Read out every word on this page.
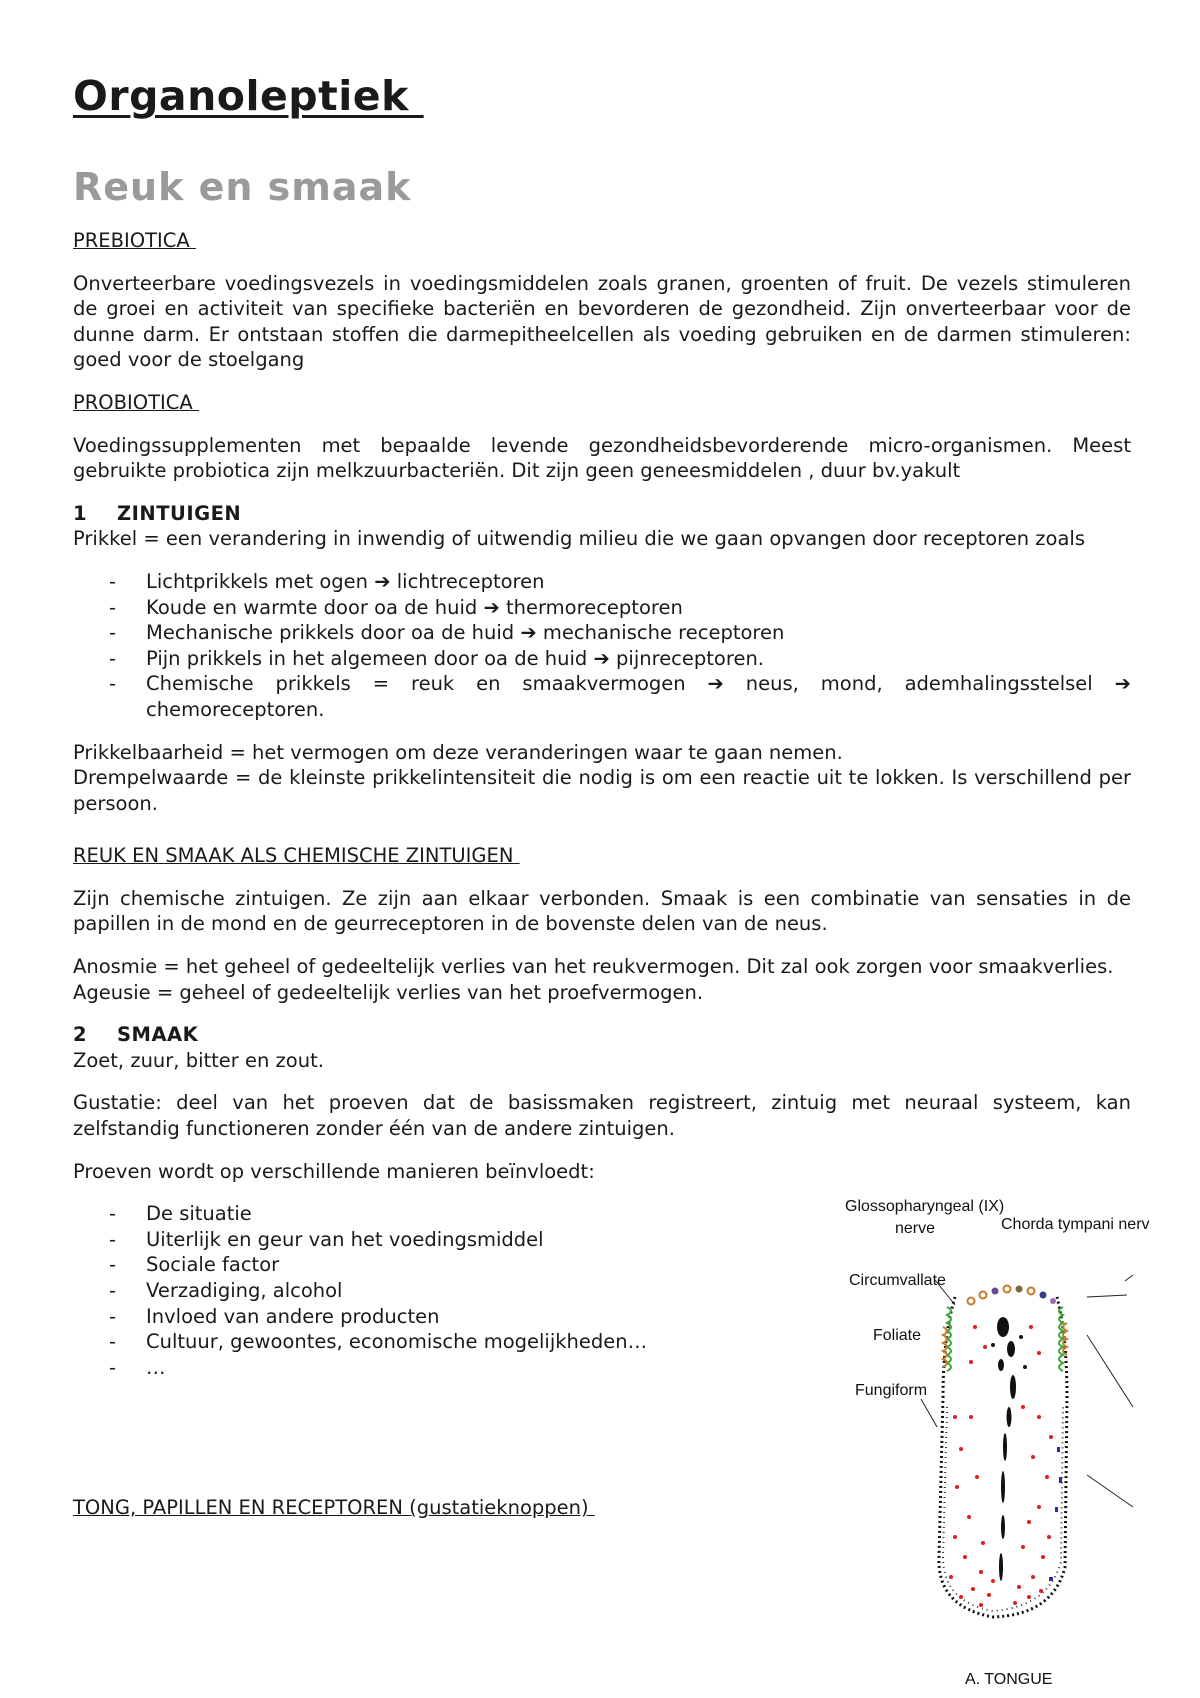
Organoleptiek
Reuk en smaak

PREBIOTICA

Onverteerbare voedingsvezels in voedingsmiddelen zoals granen, groenten of fruit. De vezels stimuleren de groei en activiteit van specifieke bacteriën en bevorderen de gezondheid. Zijn onverteerbaar voor de dunne darm. Er ontstaan stoffen die darmepitheelcellen als voeding gebruiken en de darmen stimuleren: goed voor de stoelgang

PROBIOTICA

Voedingssupplementen met bepaalde levende gezondheidsbevorderende micro-organismen. Meest gebruikte probiotica zijn melkzuurbacteriën. Dit zijn geen geneesmiddelen , duur bv.yakult

1 ZINTUIGEN

Prikkel = een verandering in inwendig of uitwendig milieu die we gaan opvangen door receptoren zoals

- Lichtprikkels met ogen ➔ lichtreceptoren
- Koude en warmte door oa de huid ➔ thermoreceptoren
- Mechanische prikkels door oa de huid ➔ mechanische receptoren
- Pijn prikkels in het algemeen door oa de huid ➔ pijnreceptoren.
- Chemische prikkels = reuk en smaakvermogen ➔ neus, mond, ademhalingsstelsel ➔ chemoreceptoren.

Prikkelbaarheid = het vermogen om deze veranderingen waar te gaan nemen.

Drempelwaarde = de kleinste prikkelintensiteit die nodig is om een reactie uit te lokken. Is verschillend per persoon.

REUK EN SMAAK ALS CHEMISCHE ZINTUIGEN

Zijn chemische zintuigen. Ze zijn aan elkaar verbonden. Smaak is een combinatie van sensaties in de papillen in de mond en de geurreceptoren in de bovenste delen van de neus.

Anosmie = het geheel of gedeeltelijk verlies van het reukvermogen. Dit zal ook zorgen voor smaakverlies.

Ageusie = geheel of gedeeltelijk verlies van het proefvermogen.

2 SMAAK

Zoet, zuur, bitter en zout.

Gustatie: deel van het proeven dat de basissmaken registreert, zintuig met neuraal systeem, kan zelfstandig functioneren zonder één van de andere zintuigen.

Proeven wordt op verschillende manieren beïnvloedt:

- De situatie
- Uiterlijk en geur van het voedingsmiddel
- Sociale factor
- Verzadiging, alcohol
- Invloed van andere producten
- Cultuur, gewoontes, economische mogelijkheden…
- …

TONG, PAPILLEN EN RECEPTOREN (gustatieknoppen)

Glossopharyngeal (IX)
nerve	Chorda tympani nerv
Circumvallate
Foliate
Fungiform
A. TONGUE
